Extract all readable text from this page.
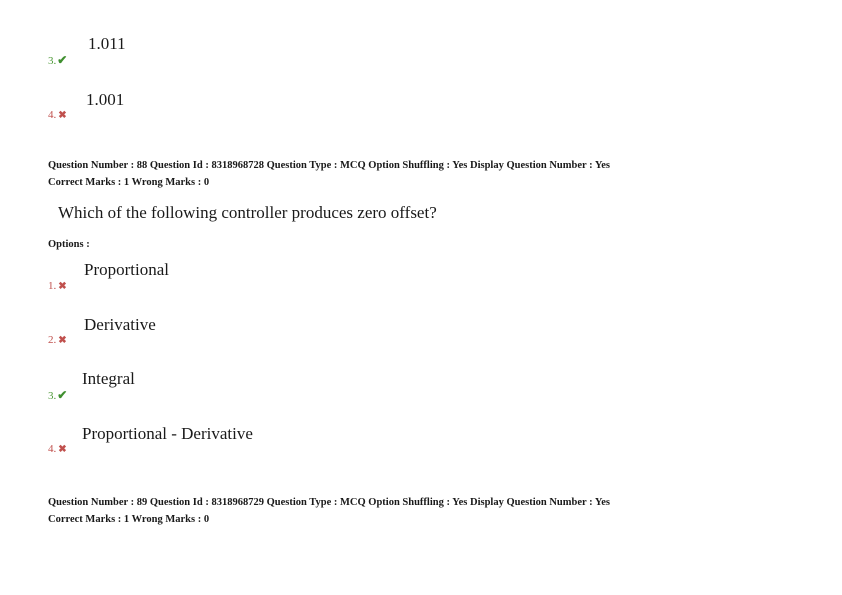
1.011
3.✔
1.001
4. ✖
Question Number : 88 Question Id : 8318968728 Question Type : MCQ Option Shuffling : Yes Display Question Number : Yes
Correct Marks : 1 Wrong Marks : 0
Which of the following controller produces zero offset?
Options :
Proportional
1. ✖
Derivative
2. ✖
Integral
3.✔
Proportional - Derivative
4. ✖
Question Number : 89 Question Id : 8318968729 Question Type : MCQ Option Shuffling : Yes Display Question Number : Yes
Correct Marks : 1 Wrong Marks : 0
